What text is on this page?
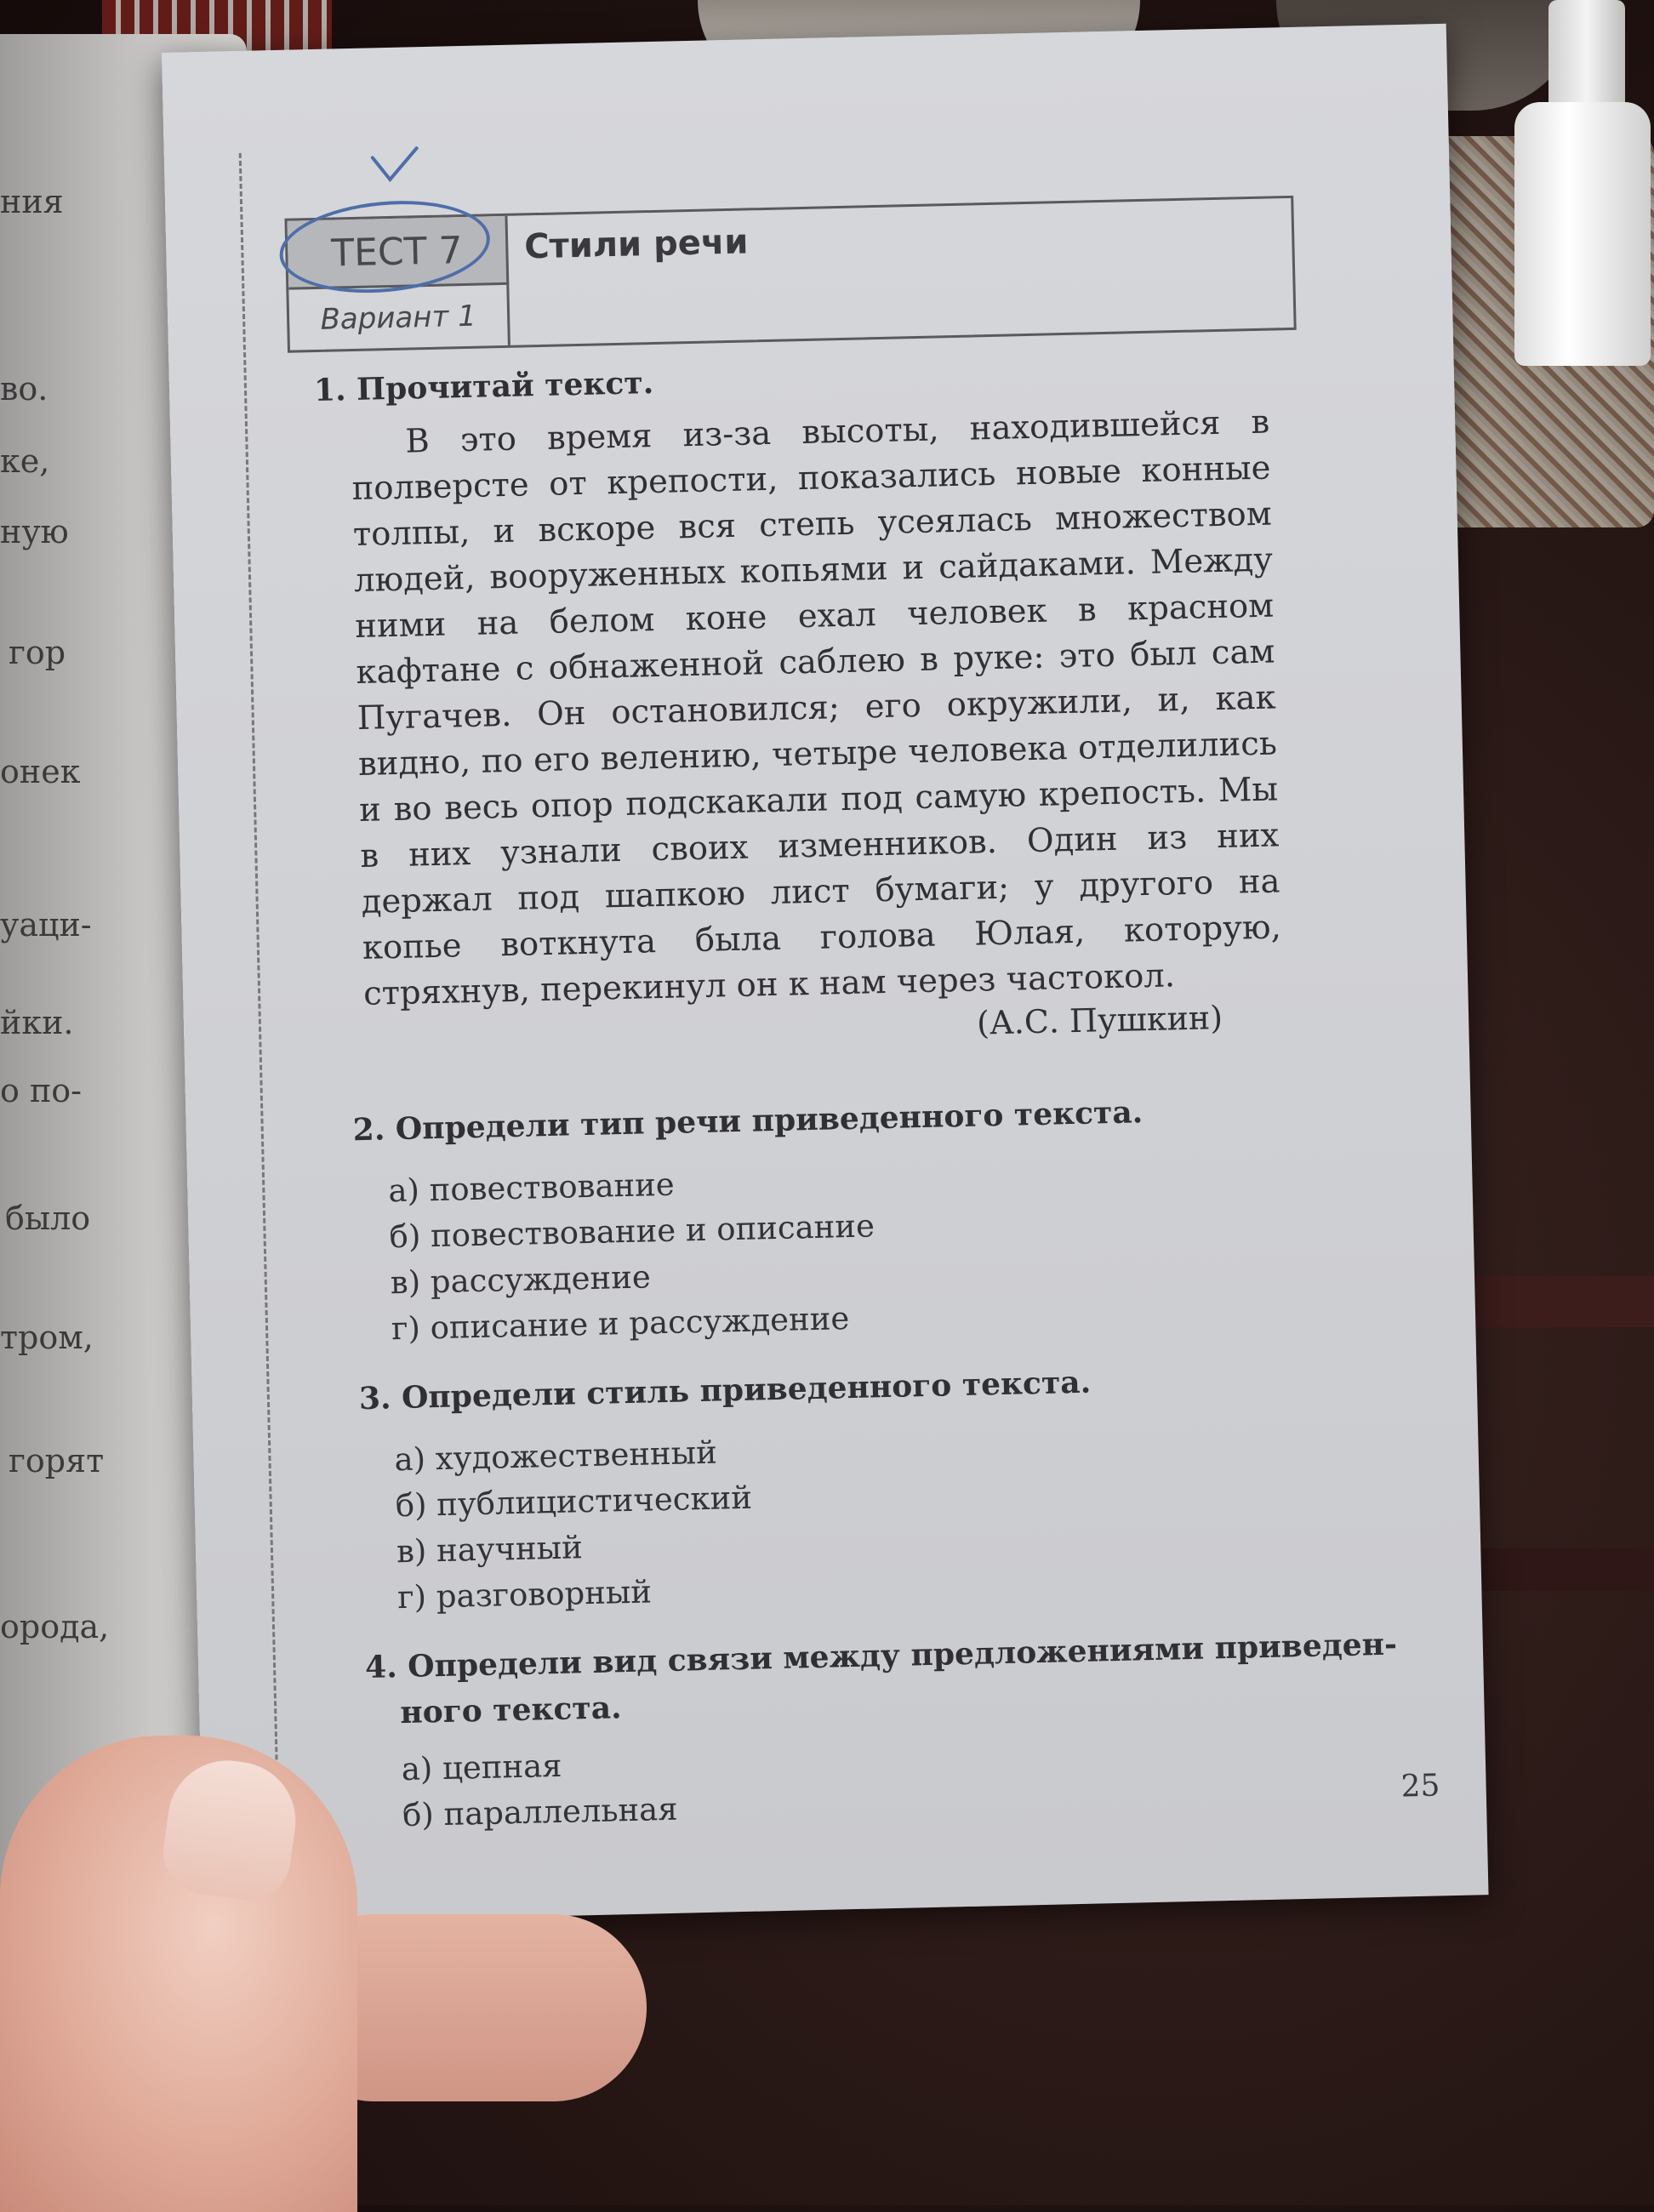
ния
во.
ке,
ную
гор
онек
уаци-
йки.
о по-
было
тром,
горят
орода,
ТЕСТ 7
Вариант 1
Стили речи
1. Прочитай текст.

В это время из-за высоты, находившейся в полверсте от крепости, показались новые конные толпы, и вскоре вся степь усеялась множеством людей, вооруженных копьями и сайдаками. Между ними на белом коне ехал человек в красном кафтане с обнаженной саблею в руке: это был сам Пугачев. Он остановился; его окружили, и, как видно, по его велению, четыре человека отделились и во весь опор подскакали под самую крепость. Мы в них узнали своих изменников. Один из них держал под шапкою лист бумаги; у другого на копье воткнута была голова Юлая, которую, стряхнув, перекинул он к нам через частокол.

(А.С. Пушкин)
2. Определи тип речи приведенного текста.
а) повествование
б) повествование и описание
в) рассуждение
г) описание и рассуждение
3. Определи стиль приведенного текста.
а) художественный
б) публицистический
в) научный
г) разговорный
4. Определи вид связи между предложениями приведен-
ного текста.
а) цепная
б) параллельная
25
